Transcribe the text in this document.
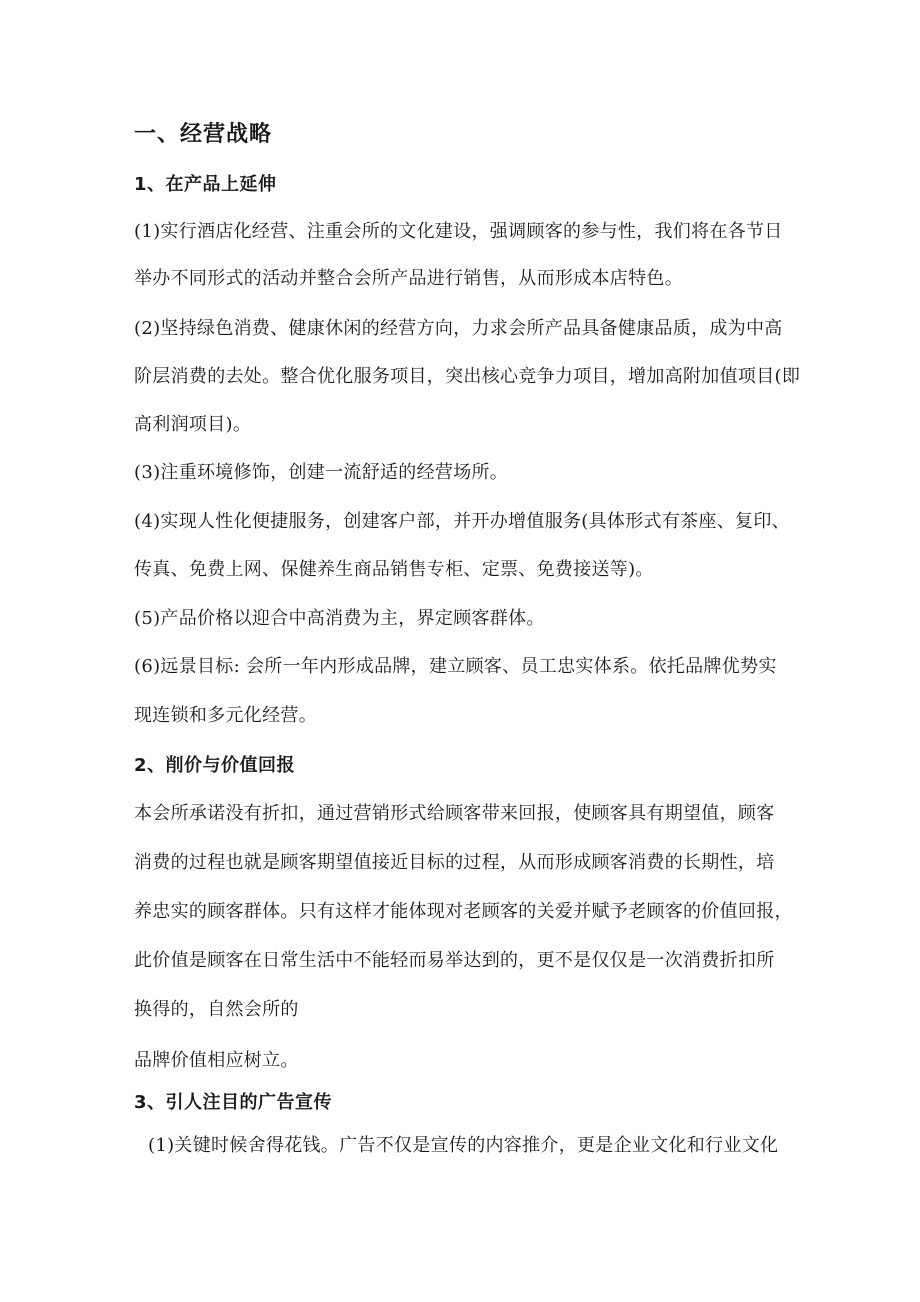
一、经营战略
1、在产品上延伸
(1)实行酒店化经营、注重会所的文化建设，强调顾客的参与性，我们将在各节日
举办不同形式的活动并整合会所产品进行销售，从而形成本店特色。
(2)坚持绿色消费、健康休闲的经营方向，力求会所产品具备健康品质，成为中高
阶层消费的去处。整合优化服务项目，突出核心竞争力项目，增加高附加值项目(即
高利润项目)。
(3)注重环境修饰，创建一流舒适的经营场所。
(4)实现人性化便捷服务，创建客户部，并开办增值服务(具体形式有茶座、复印、
传真、免费上网、保健养生商品销售专柜、定票、免费接送等)。
(5)产品价格以迎合中高消费为主，界定顾客群体。
(6)远景目标: 会所一年内形成品牌，建立顾客、员工忠实体系。依托品牌优势实
现连锁和多元化经营。
2、削价与价值回报
本会所承诺没有折扣，通过营销形式给顾客带来回报，使顾客具有期望值，顾客
消费的过程也就是顾客期望值接近目标的过程，从而形成顾客消费的长期性，培
养忠实的顾客群体。只有这样才能体现对老顾客的关爱并赋予老顾客的价值回报，
此价值是顾客在日常生活中不能轻而易举达到的，更不是仅仅是一次消费折扣所
换得的，自然会所的
品牌价值相应树立。
3、引人注目的广告宣传
(1)关键时候舍得花钱。广告不仅是宣传的内容推介，更是企业文化和行业文化
